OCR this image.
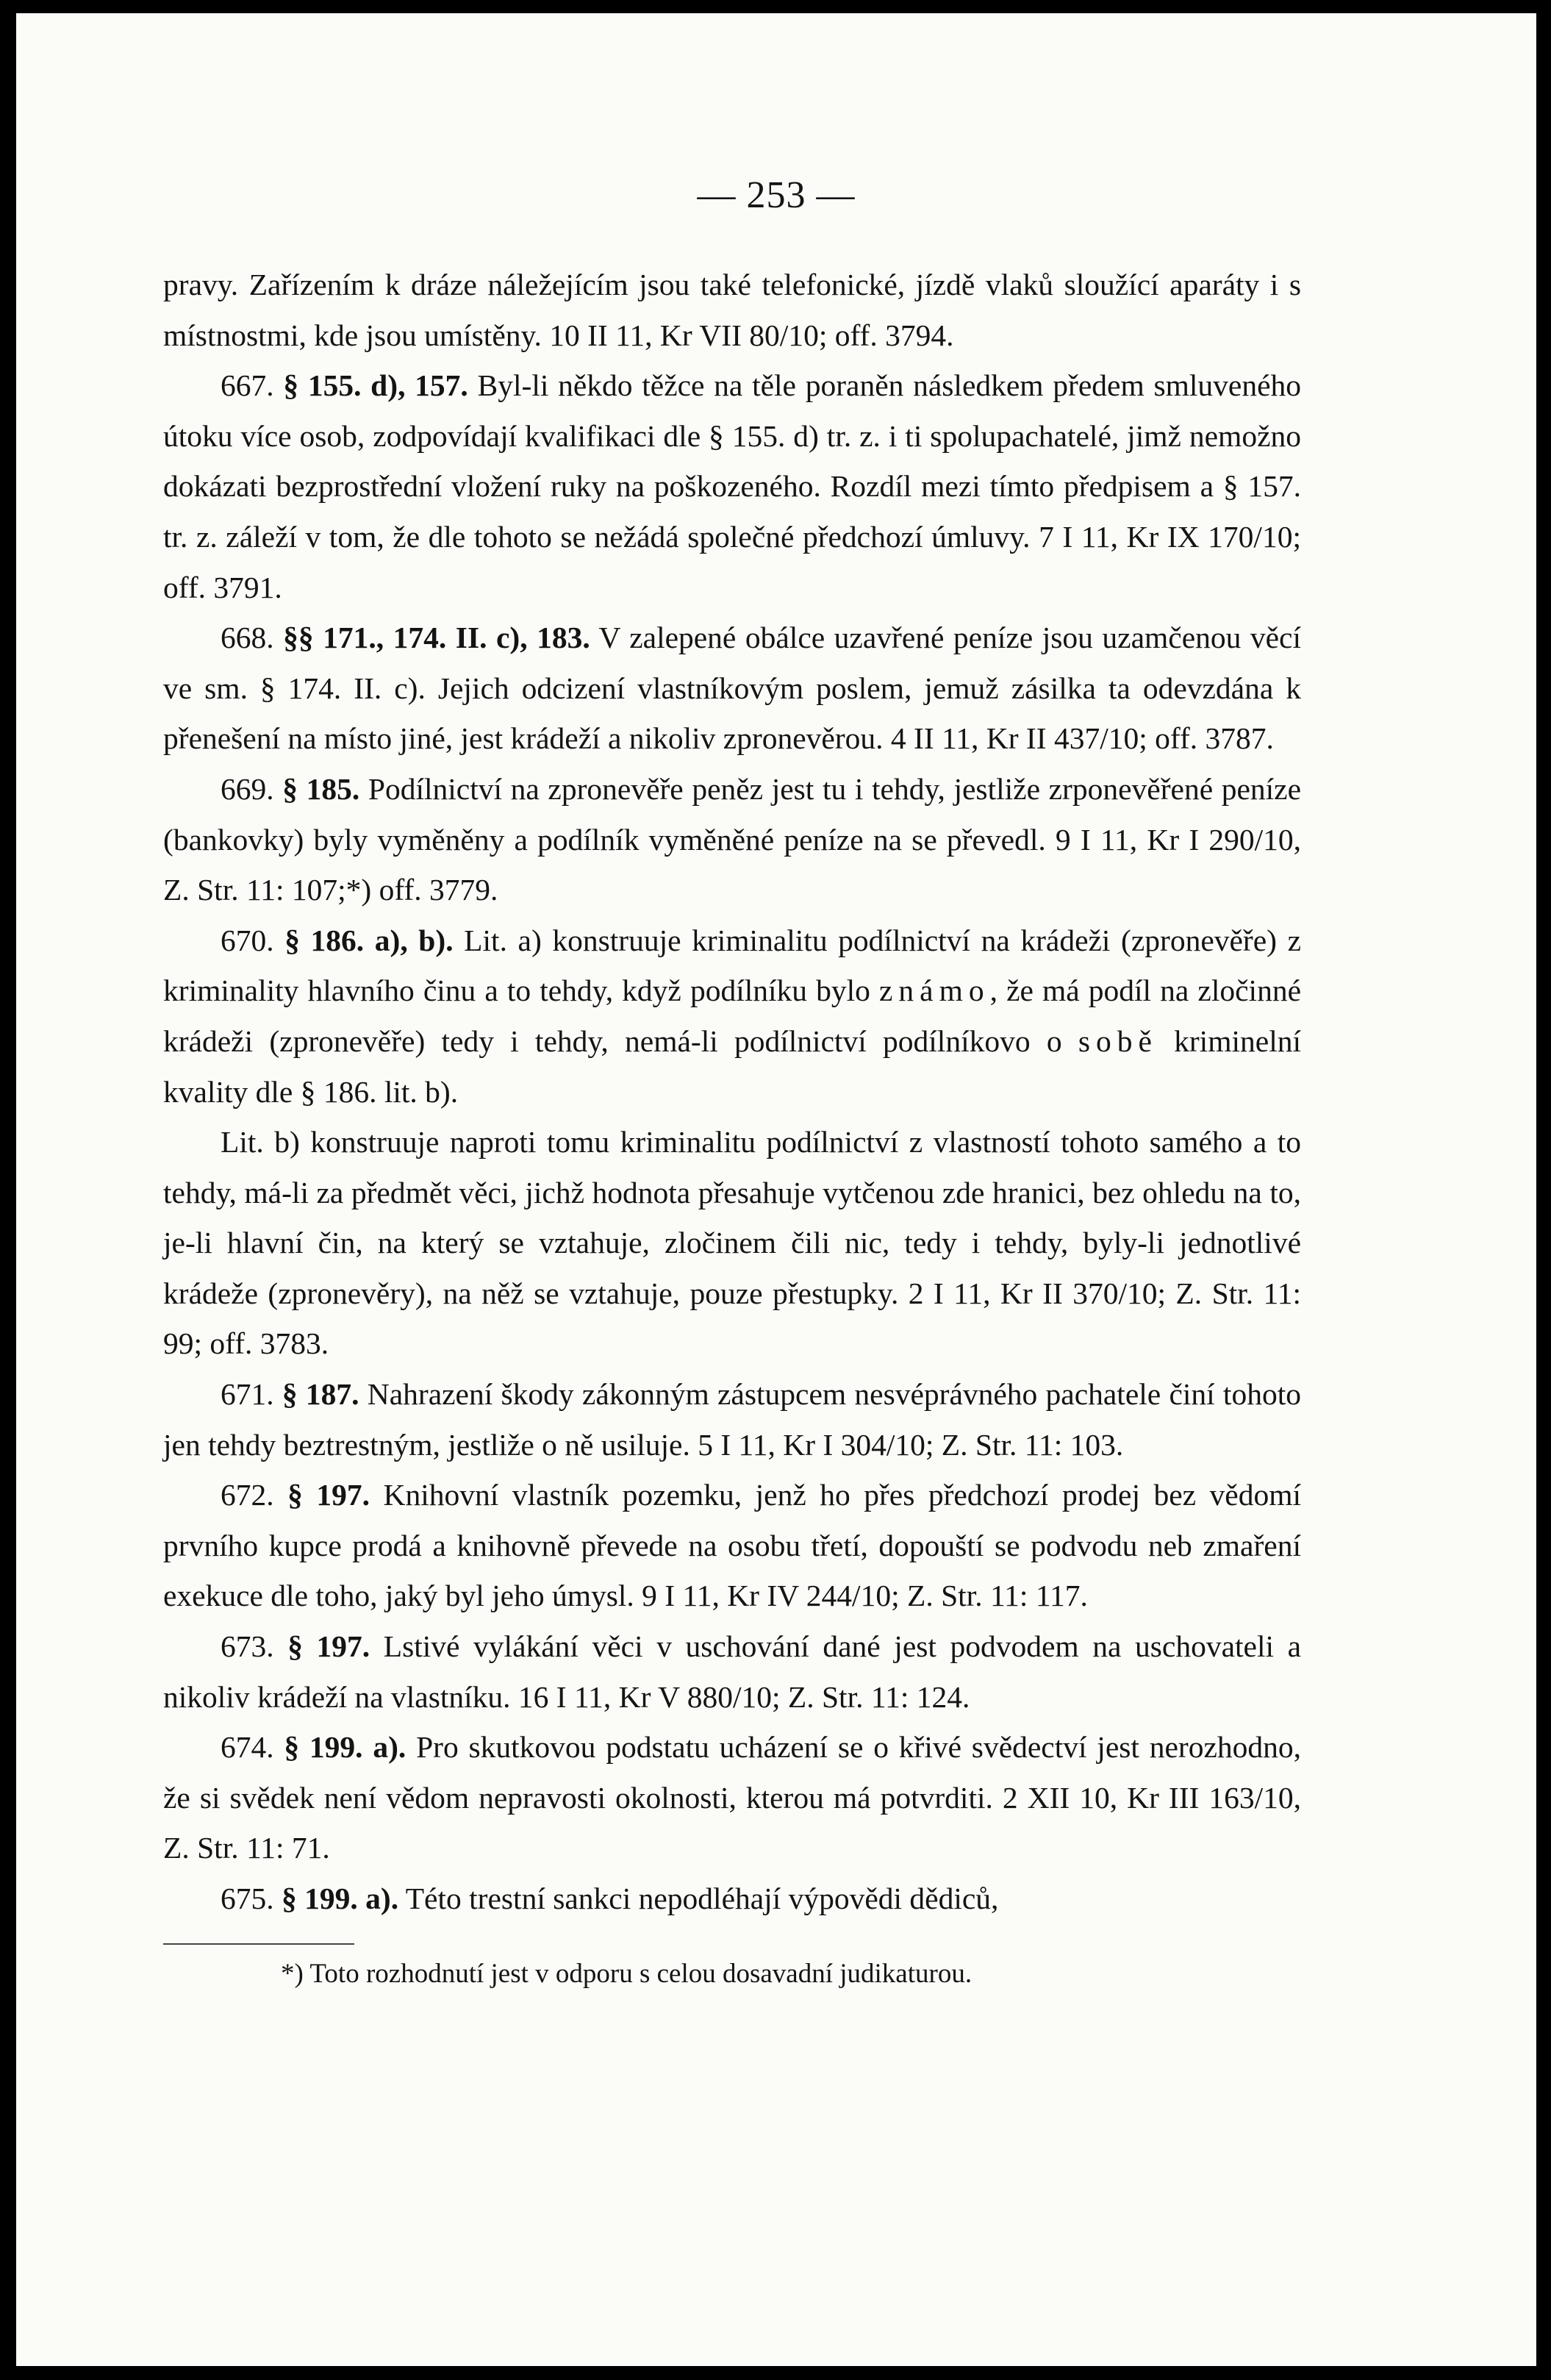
— 253 —

pravy. Zařízením k dráze náležejícím jsou také telefonické, jízdě vlaků sloužící aparáty i s místnostmi, kde jsou umístěny. 10 II 11, Kr VII 80/10; off. 3794.

667. § 155. d), 157. Byl-li někdo těžce na těle poraněn následkem předem smluveného útoku více osob, zodpovídají kvalifikaci dle § 155. d) tr. z. i ti spolupachatelé, jimž nemožno dokázati bezprostřední vložení ruky na poškozeného. Rozdíl mezi tímto předpisem a § 157. tr. z. záleží v tom, že dle tohoto se nežádá společné předchozí úmluvy. 7 I 11, Kr IX 170/10; off. 3791.

668. §§ 171., 174. II. c), 183. V zalepené obálce uzavřené peníze jsou uzamčenou věcí ve sm. § 174. II. c). Jejich odcizení vlastníkovým poslem, jemuž zásilka ta odevzdána k přenešení na místo jiné, jest krádeží a nikoliv zpronevěrou. 4 II 11, Kr II 437/10; off. 3787.

669. § 185. Podílnictví na zpronevěře peněz jest tu i tehdy, jestliže zrponevěřené peníze (bankovky) byly vyměněny a podílník vyměněné peníze na se převedl. 9 I 11, Kr I 290/10, Z. Str. 11: 107;*) off. 3779.

670. § 186. a), b). Lit. a) konstruuje kriminalitu podílnictví na krádeži (zpronevěře) z kriminality hlavního činu a to tehdy, když podílníku bylo známo, že má podíl na zločinné krádeži (zpronevěře) tedy i tehdy, nemá-li podílnictví podílníkovo o sobě kriminelní kvality dle § 186. lit. b).

Lit. b) konstruuje naproti tomu kriminalitu podílnictví z vlastností tohoto samého a to tehdy, má-li za předmět věci, jichž hodnota přesahuje vytčenou zde hranici, bez ohledu na to, je-li hlavní čin, na který se vztahuje, zločinem čili nic, tedy i tehdy, byly-li jednotlivé krádeže (zpronevěry), na něž se vztahuje, pouze přestupky. 2 I 11, Kr II 370/10; Z. Str. 11: 99; off. 3783.

671. § 187. Nahrazení škody zákonným zástupcem nesvéprávného pachatele činí tohoto jen tehdy beztrestným, jestliže o ně usiluje. 5 I 11, Kr I 304/10; Z. Str. 11: 103.

672. § 197. Knihovní vlastník pozemku, jenž ho přes předchozí prodej bez vědomí prvního kupce prodá a knihovně převede na osobu třetí, dopouští se podvodu neb zmaření exekuce dle toho, jaký byl jeho úmysl. 9 I 11, Kr IV 244/10; Z. Str. 11: 117.

673. § 197. Lstivé vylákání věci v uschování dané jest podvodem na uschovateli a nikoliv krádeží na vlastníku. 16 I 11, Kr V 880/10; Z. Str. 11: 124.

674. § 199. a). Pro skutkovou podstatu ucházení se o křivé svědectví jest nerozhodno, že si svědek není vědom nepravosti okolnosti, kterou má potvrditi. 2 XII 10, Kr III 163/10, Z. Str. 11: 71.

675. § 199. a). Této trestní sankci nepodléhají výpovědi dědiců,

*) Toto rozhodnutí jest v odporu s celou dosavadní judikaturou.
